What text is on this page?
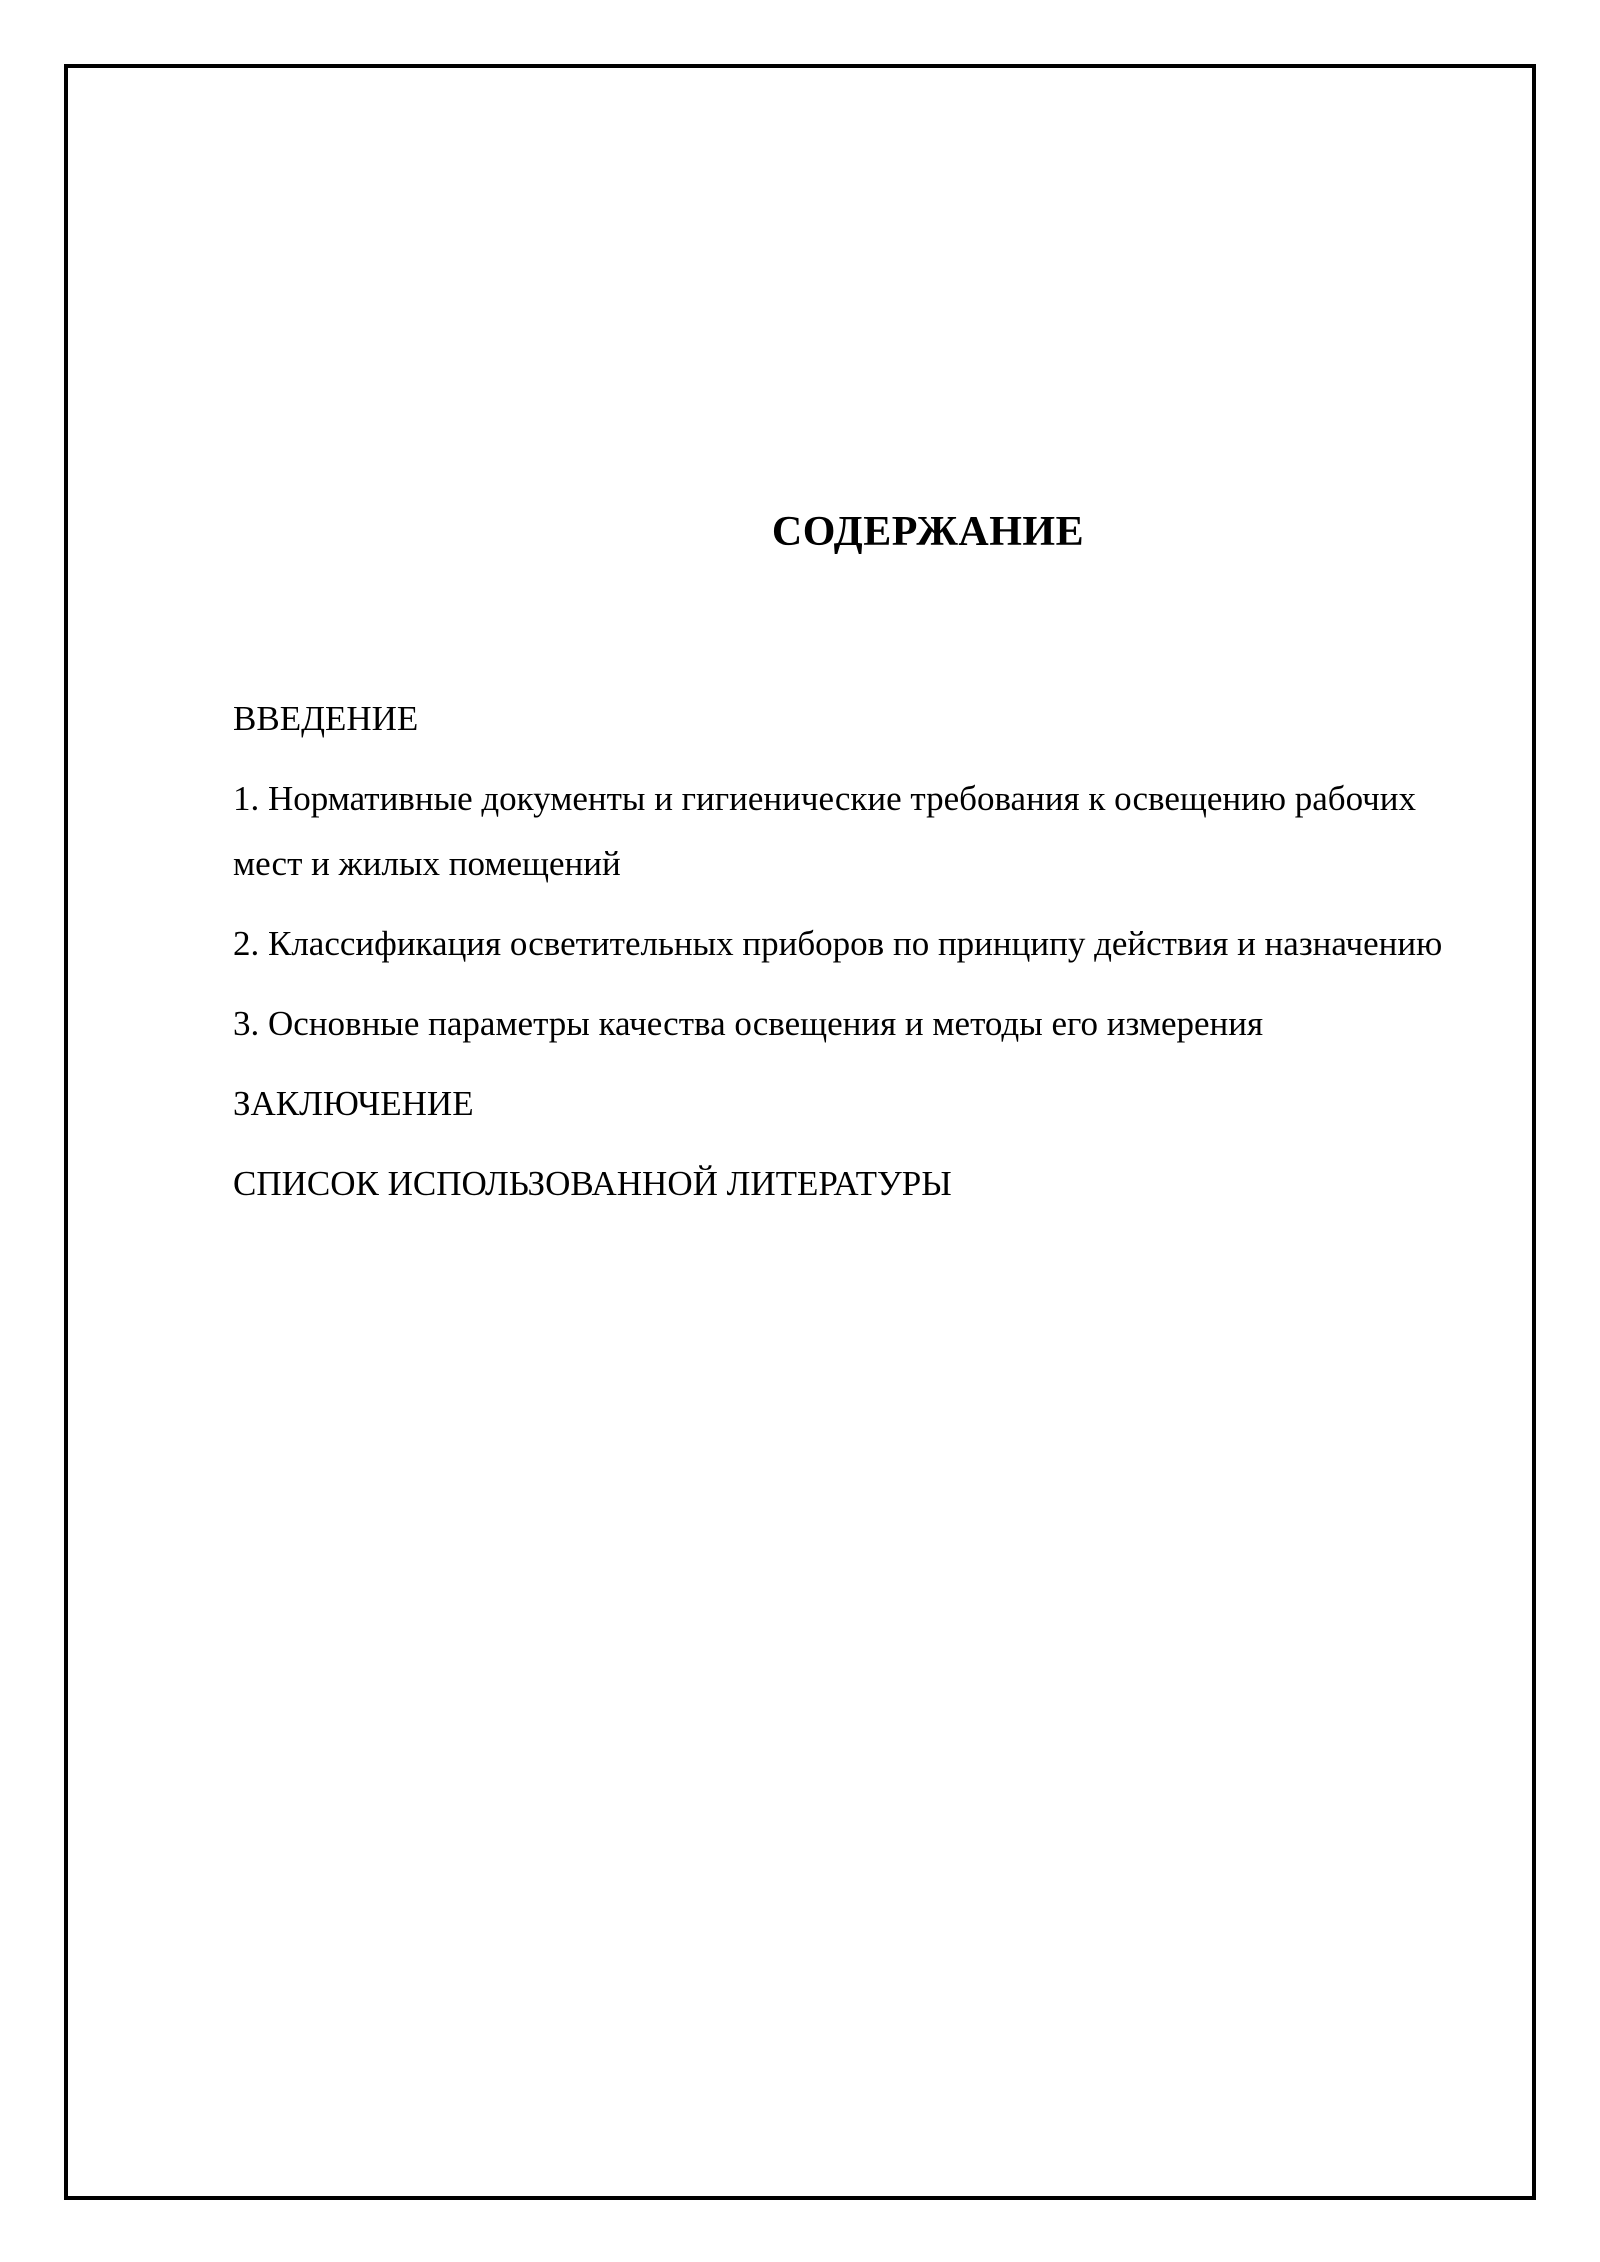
СОДЕРЖАНИЕ
ВВЕДЕНИЕ
1. Нормативные документы и гигиенические требования к освещению рабочих мест и жилых помещений
2. Классификация осветительных приборов по принципу действия и назначению
3. Основные параметры качества освещения и методы его измерения
ЗАКЛЮЧЕНИЕ
СПИСОК ИСПОЛЬЗОВАННОЙ ЛИТЕРАТУРЫ
